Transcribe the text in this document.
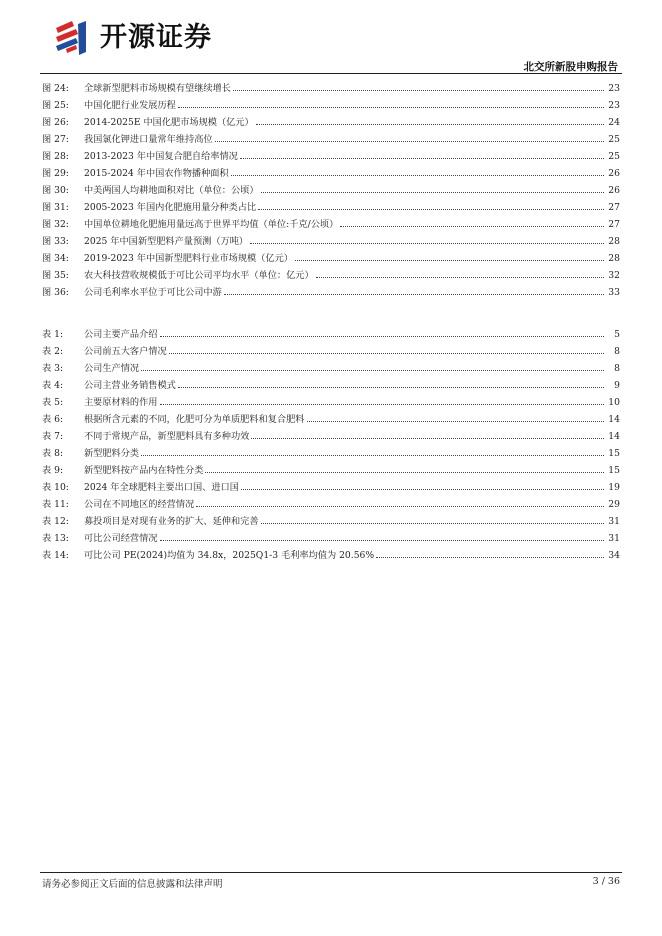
开源证券
北交所新股申购报告
图 24:	全球新型肥料市场规模有望继续增长	23
图 25:	中国化肥行业发展历程	23
图 26:	2014-2025E 中国化肥市场规模（亿元）	24
图 27:	我国氯化钾进口量常年维持高位	25
图 28:	2013-2023 年中国复合肥自给率情况	25
图 29:	2015-2024 年中国农作物播种面积	26
图 30:	中美两国人均耕地面积对比（单位：公顷）	26
图 31:	2005-2023 年国内化肥施用量分种类占比	27
图 32:	中国单位耕地化肥施用量远高于世界平均值（单位:千克/公顷）	27
图 33:	2025 年中国新型肥料产量预测（万吨）	28
图 34:	2019-2023 年中国新型肥料行业市场规模（亿元）	28
图 35:	农大科技营收规模低于可比公司平均水平（单位：亿元）	32
图 36:	公司毛利率水平位于可比公司中游	33
表 1:	公司主要产品介绍	5
表 2:	公司前五大客户情况	8
表 3:	公司生产情况	8
表 4:	公司主营业务销售模式	9
表 5:	主要原材料的作用	10
表 6:	根据所含元素的不同，化肥可分为单质肥料和复合肥料	14
表 7:	不同于常规产品，新型肥料具有多种功效	14
表 8:	新型肥料分类	15
表 9:	新型肥料按产品内在特性分类	15
表 10:	2024 年全球肥料主要出口国、进口国	19
表 11:	公司在不同地区的经营情况	29
表 12:	募投项目是对现有业务的扩大、延伸和完善	31
表 13:	可比公司经营情况	31
表 14:	可比公司 PE(2024)均值为 34.8x，2025Q1-3 毛利率均值为 20.56%	34
请务必参阅正文后面的信息披露和法律声明	3 / 36
